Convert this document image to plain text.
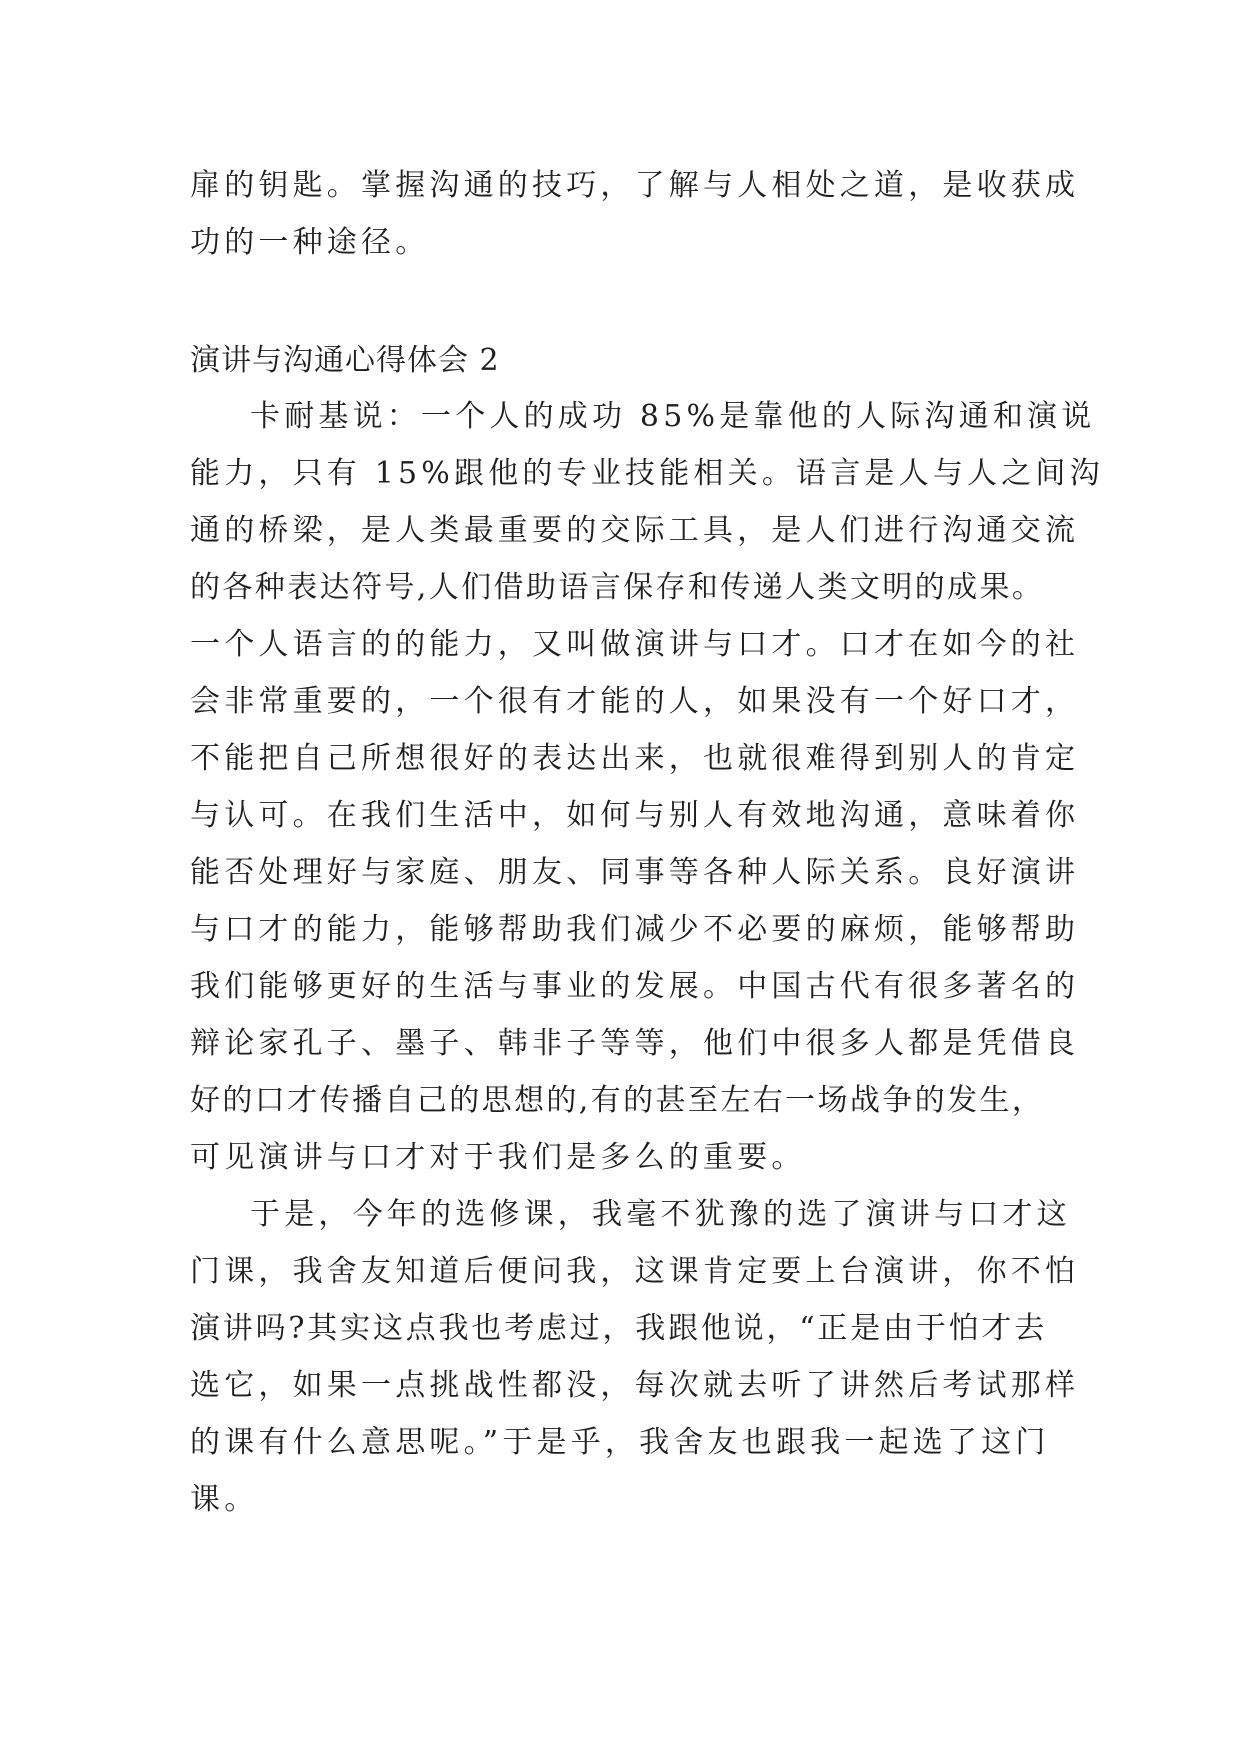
扉的钥匙。掌握沟通的技巧，了解与人相处之道，是收获成
功的一种途径。
演讲与沟通心得体会 2
卡耐基说：一个人的成功 85%是靠他的人际沟通和演说
能力，只有 15%跟他的专业技能相关。语言是人与人之间沟
通的桥梁，是人类最重要的交际工具，是人们进行沟通交流
的各种表达符号,人们借助语言保存和传递人类文明的成果。
一个人语言的的能力，又叫做演讲与口才。口才在如今的社
会非常重要的，一个很有才能的人，如果没有一个好口才，
不能把自己所想很好的表达出来，也就很难得到别人的肯定
与认可。在我们生活中，如何与别人有效地沟通，意味着你
能否处理好与家庭、朋友、同事等各种人际关系。良好演讲
与口才的能力，能够帮助我们减少不必要的麻烦，能够帮助
我们能够更好的生活与事业的发展。中国古代有很多著名的
辩论家孔子、墨子、韩非子等等，他们中很多人都是凭借良
好的口才传播自己的思想的,有的甚至左右一场战争的发生，
可见演讲与口才对于我们是多么的重要。
于是，今年的选修课，我毫不犹豫的选了演讲与口才这
门课，我舍友知道后便问我，这课肯定要上台演讲，你不怕
演讲吗?其实这点我也考虑过，我跟他说，“正是由于怕才去
选它，如果一点挑战性都没，每次就去听了讲然后考试那样
的课有什么意思呢。”于是乎，我舍友也跟我一起选了这门
课。
